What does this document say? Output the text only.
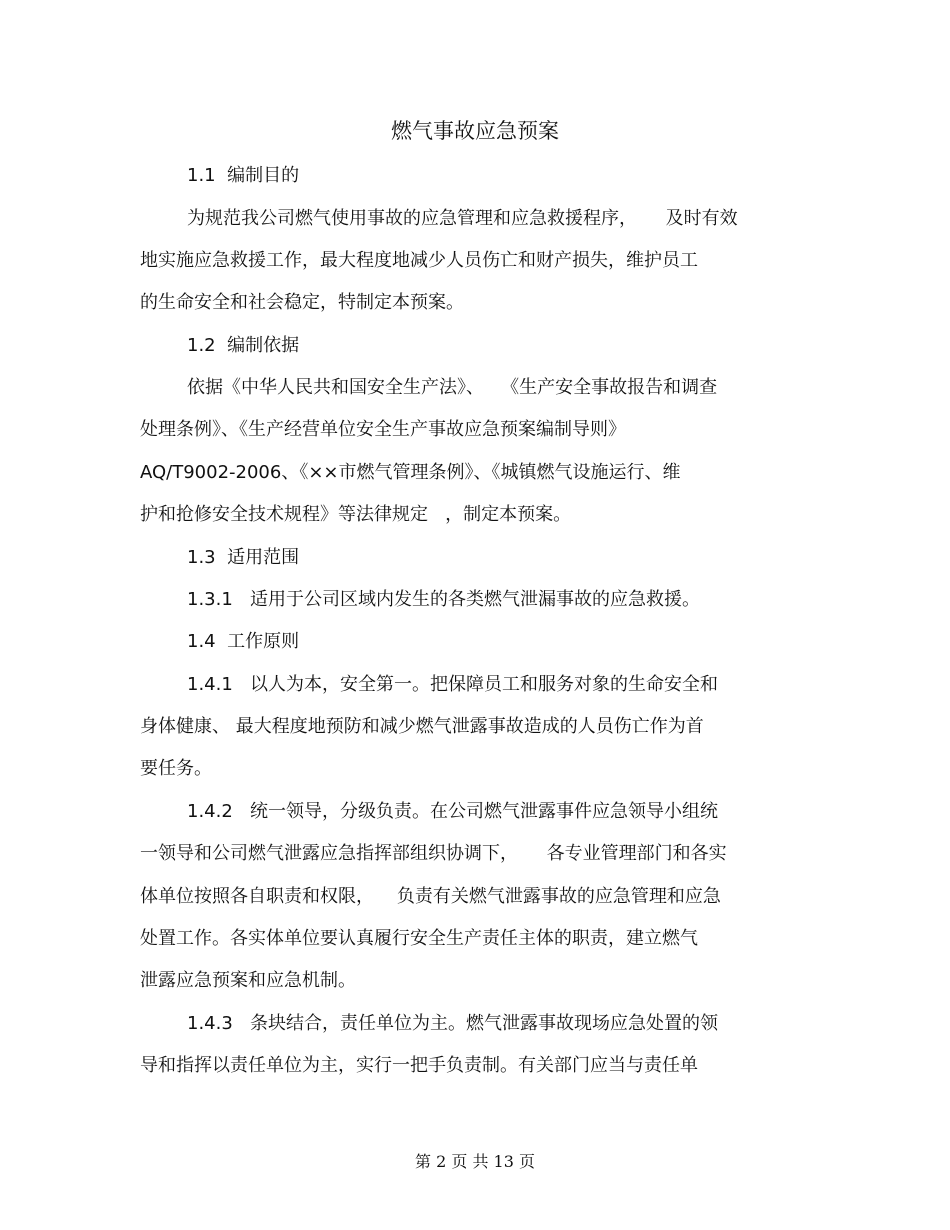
燃气事故应急预案
1.1  编制目的
为规范我公司燃气使用事故的应急管理和应急救援程序，     及时有效
地实施应急救援工作，最大程度地减少人员伤亡和财产损失，维护员工
的生命安全和社会稳定，特制定本预案。
1.2  编制依据
依据《中华人民共和国安全生产法》、   《生产安全事故报告和调查
处理条例》、《生产经营单位安全生产事故应急预案编制导则》
AQ/T9002-2006、《××市燃气管理条例》、《城镇燃气设施运行、维
护和抢修安全技术规程》等法律规定   ，制定本预案。
1.3  适用范围
1.3.1   适用于公司区域内发生的各类燃气泄漏事故的应急救援。
1.4  工作原则
1.4.1   以人为本，安全第一。把保障员工和服务对象的生命安全和
身体健康、 最大程度地预防和减少燃气泄露事故造成的人员伤亡作为首
要任务。
1.4.2   统一领导，分级负责。在公司燃气泄露事件应急领导小组统
一领导和公司燃气泄露应急指挥部组织协调下，     各专业管理部门和各实
体单位按照各自职责和权限，    负责有关燃气泄露事故的应急管理和应急
处置工作。各实体单位要认真履行安全生产责任主体的职责，建立燃气
泄露应急预案和应急机制。
1.4.3   条块结合，责任单位为主。燃气泄露事故现场应急处置的领
导和指挥以责任单位为主，实行一把手负责制。有关部门应当与责任单
第 2 页 共 13 页
